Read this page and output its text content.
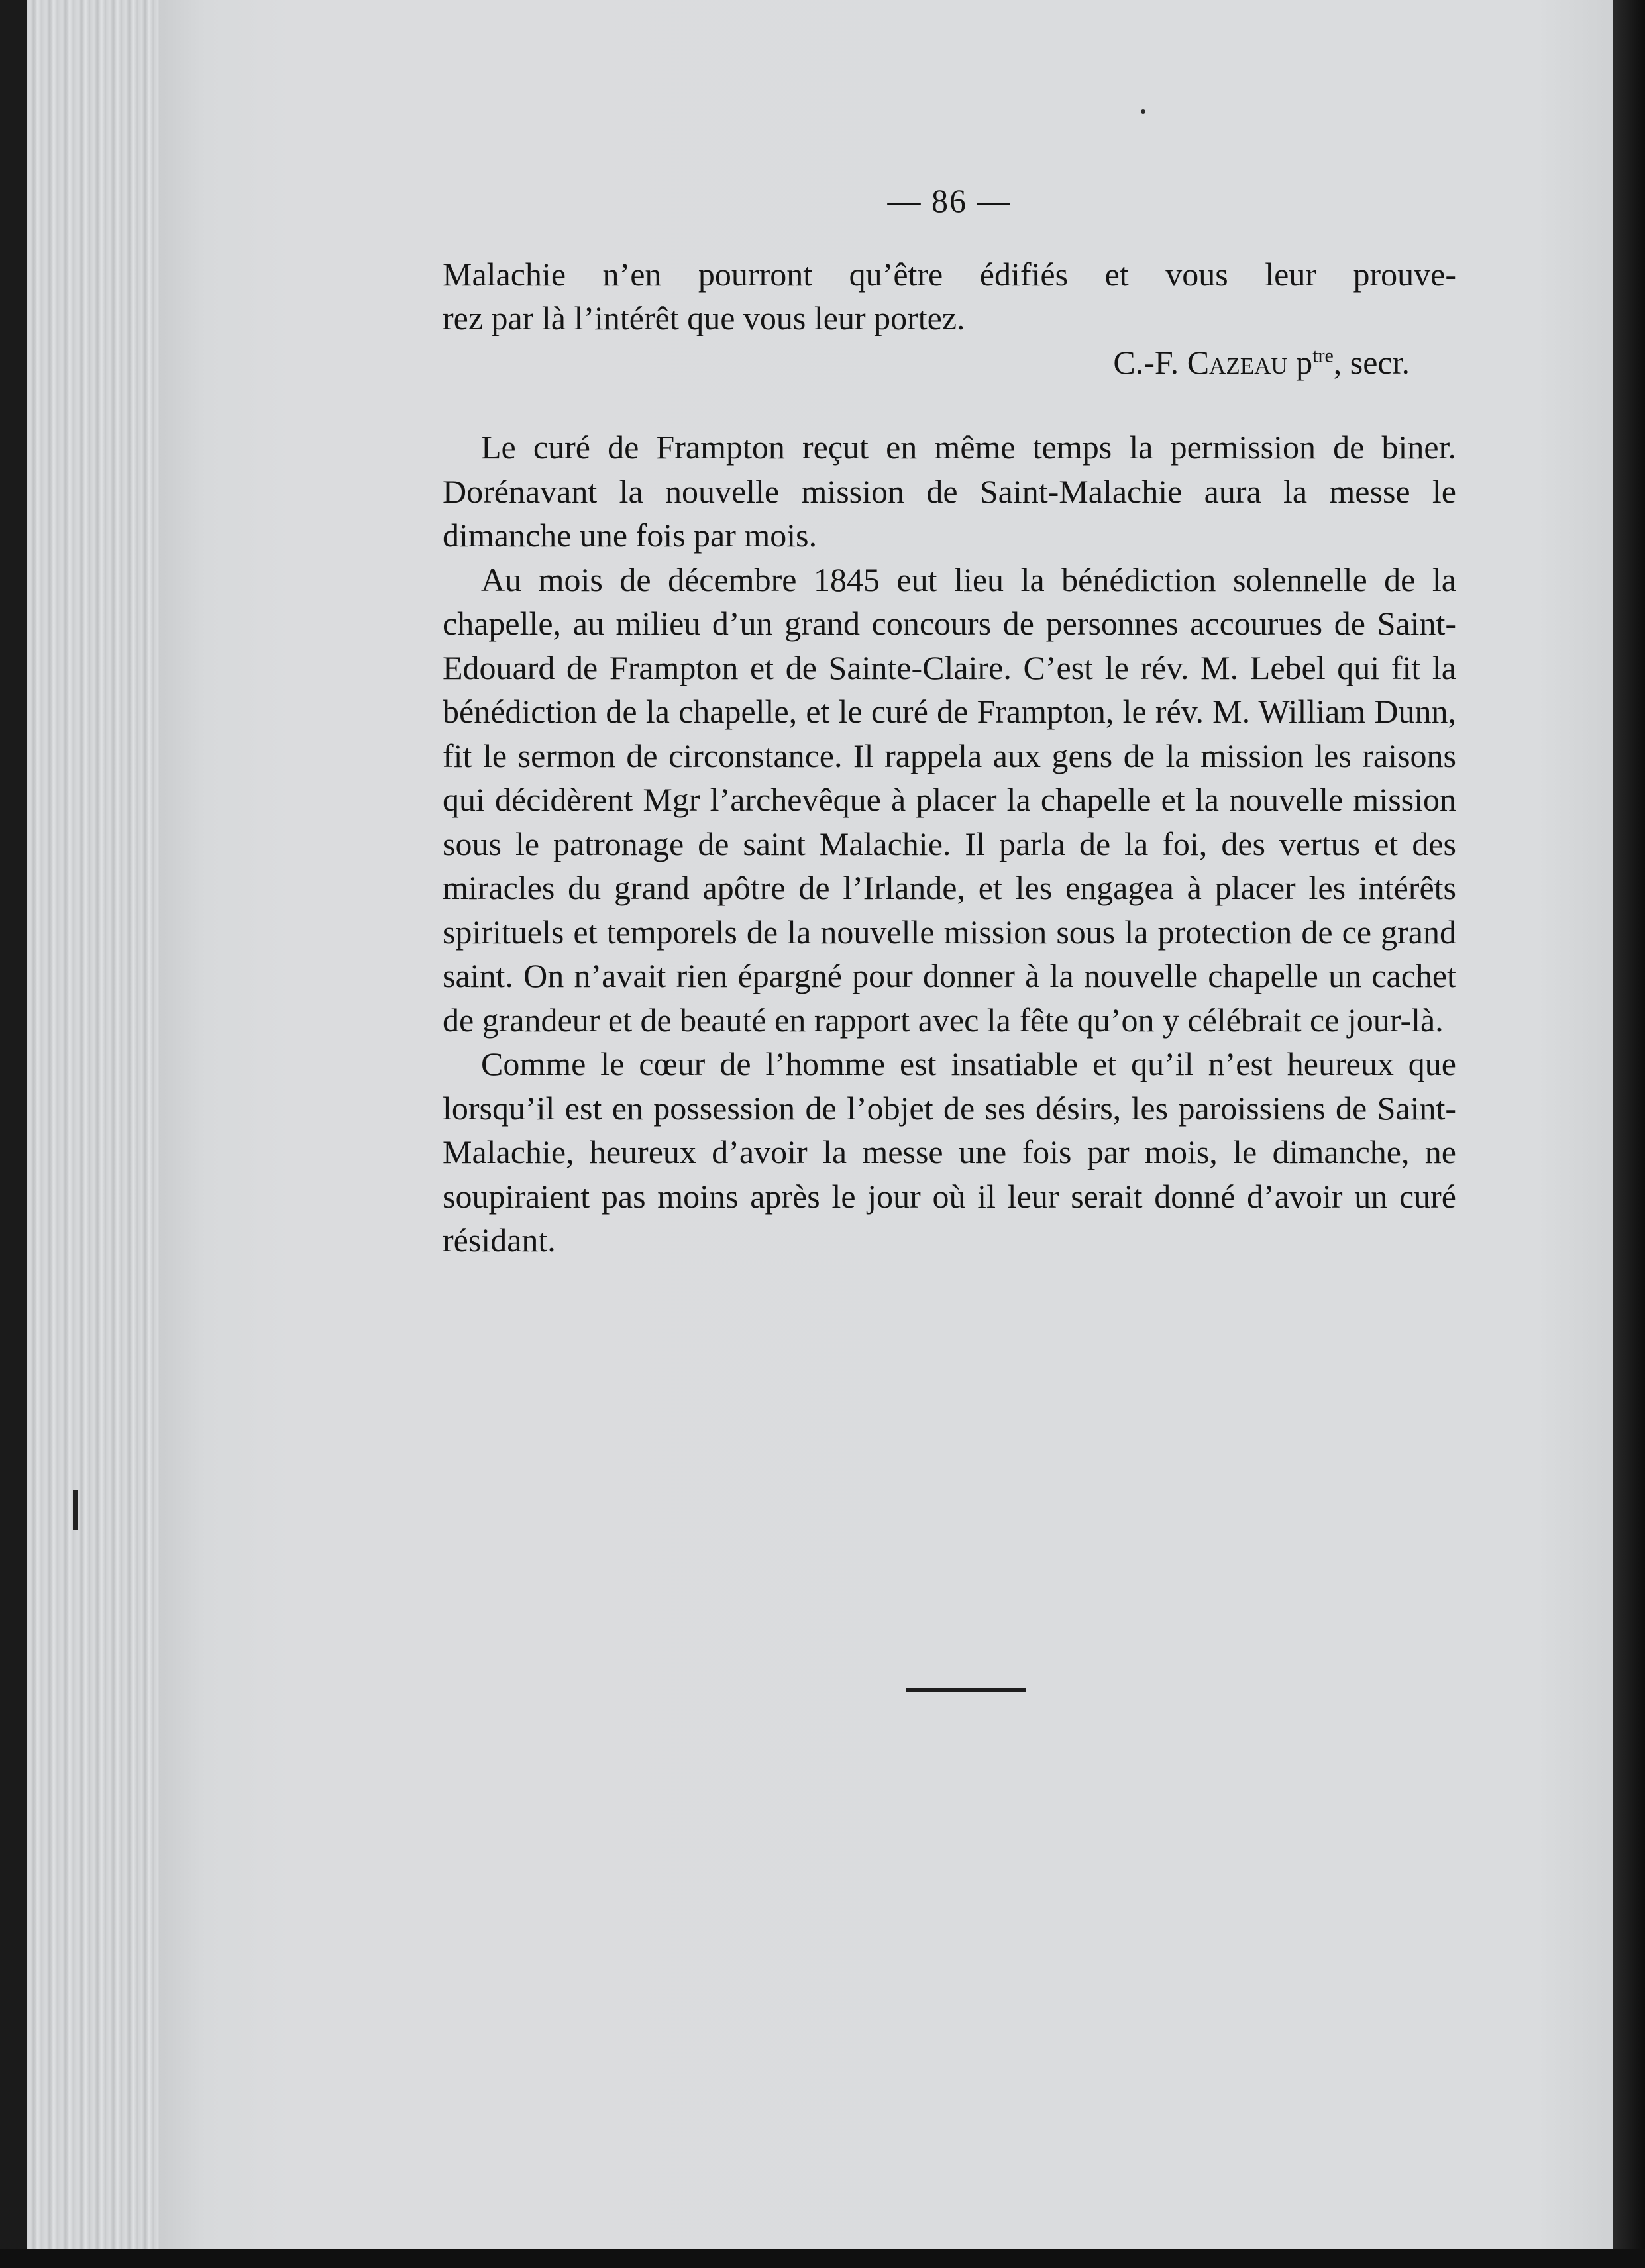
— 86 —

Malachie n’en pourront qu’être édifiés et vous leur prouve-

rez par là l’intérêt que vous leur portez.

C.-F. Cazeau $p^{tre}$, secr.

Le curé de Frampton reçut en même temps la permission de biner. Dorénavant la nouvelle mission de Saint-Malachie aura la messe le dimanche une fois par mois.

Au mois de décembre 1845 eut lieu la bénédiction solennelle de la chapelle, au milieu d’un grand concours de personnes accourues de Saint-Edouard de Frampton et de Sainte-Claire. C’est le rév. M. Lebel qui fit la bénédiction de la chapelle, et le curé de Frampton, le rév. M. William Dunn, fit le sermon de circonstance. Il rappela aux gens de la mission les raisons qui décidèrent Mgr l’archevêque à placer la chapelle et la nouvelle mission sous le patronage de saint Malachie. Il parla de la foi, des vertus et des miracles du grand apôtre de l’Irlande, et les engagea à placer les intérêts spirituels et temporels de la nouvelle mission sous la protection de ce grand saint. On n’avait rien épargné pour donner à la nouvelle chapelle un cachet de grandeur et de beauté en rapport avec la fête qu’on y célébrait ce jour-là.

Comme le cœur de l’homme est insatiable et qu’il n’est heureux que lorsqu’il est en possession de l’objet de ses désirs, les paroissiens de Saint-Malachie, heureux d’avoir la messe une fois par mois, le dimanche, ne soupiraient pas moins après le jour où il leur serait donné d’avoir un curé résidant.
